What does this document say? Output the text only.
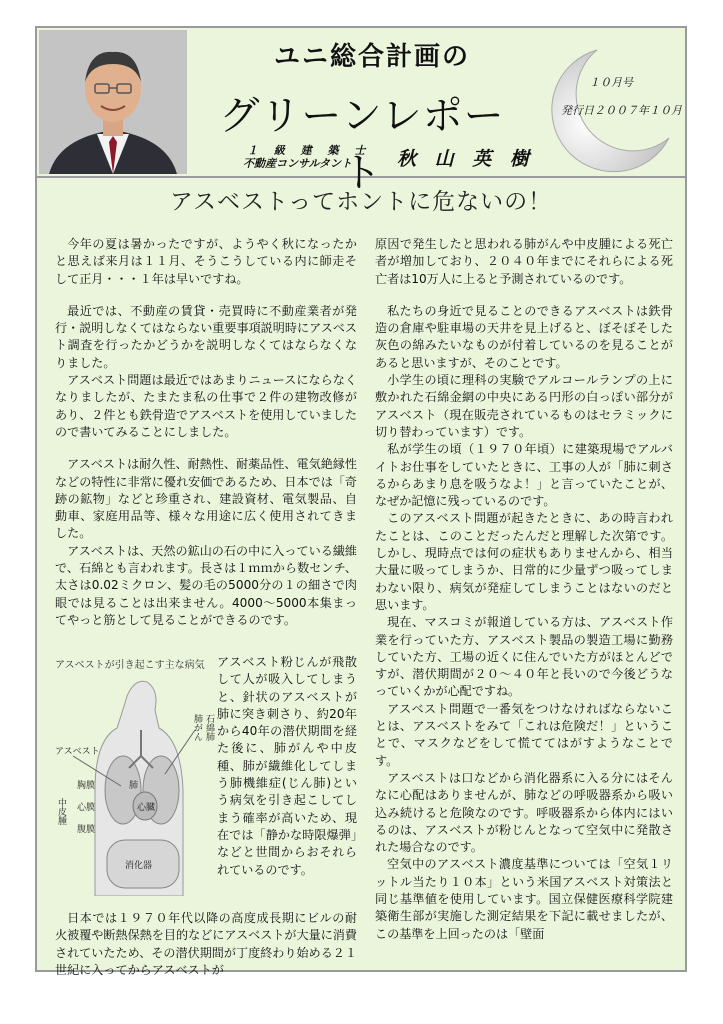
ユニ総合計画の
グリーンレポート
１ 級 建 築 士
不動産コンサルタント 秋 山 英 樹
１０月号
発行日２００７年１０月
アスベストってホントに危ないの！

今年の夏は暑かったですが、ようやく秋になったかと思えば来月は１１月、そうこうしている内に師走そして正月・・・１年は早いですね。

最近では、不動産の賃貸・売買時に不動産業者が発行・説明しなくてはならない重要事項説明時にアスベスト調査を行ったかどうかを説明しなくてはならなくなりました。

アスベスト問題は最近ではあまりニュースにならなくなりましたが、たまたま私の仕事で２件の建物改修があり、２件とも鉄骨造でアスベストを使用していましたので書いてみることにしました。

アスベストは耐久性、耐熱性、耐薬品性、電気絶縁性などの特性に非常に優れ安価であるため、日本では「奇跡の鉱物」などと珍重され、建設資材、電気製品、自動車、家庭用品等、様々な用途に広く使用されてきました。

アスベストは、天然の鉱山の石の中に入っている繊維で、石綿とも言われます。長さは１ｍｍから数センチ、太さは0.02ミクロン、髪の毛の5000分の１の細さで肉眼では見ることは出来ません。4000～5000本集まってやっと筋として見ることができるのです。

アスベストが引き起こす主な病気
アスベスト
胸膜	肺
心臓
心膜
腹膜
消化器
肺がん 石綿肺
中皮腫
アスベスト粉じんが飛散して人が吸入してしまうと、針状のアスベストが肺に突き刺さり、約20年から40年の潜伏期間を経た後に、肺がんや中皮種、肺が繊維化してしまう肺機維症(じん肺)という病気を引き起こしてしまう確率が高いため、現在では「静かな時限爆弾」などと世間からおそれられているのです。

日本では１９７０年代以降の高度成長期にビルの耐火被覆や断熱保熱を目的などにアスベストが大量に消費されていたため、その潜伏期間が丁度終わり始める２１世紀に入ってからアスベストが

原因で発生したと思われる肺がんや中皮腫による死亡者が増加しており、２０４０年までにそれらによる死亡者は10万人に上ると予測されているのです。

私たちの身近で見ることのできるアスベストは鉄骨造の倉庫や駐車場の天井を見上げると、ぼそぼそした灰色の綿みたいなものが付着しているのを見ることがあると思いますが、そのことです。

小学生の頃に理科の実験でアルコールランプの上に敷かれた石綿金網の中央にある円形の白っぽい部分がアスベスト（現在販売されているものはセラミックに切り替わっています）です。

私が学生の頃（１９７０年頃）に建築現場でアルバイトお仕事をしていたときに、工事の人が「肺に刺さるからあまり息を吸うなよ！」と言っていたことが、なぜか記憶に残っているのです。

このアスベスト問題が起きたときに、あの時言われたことは、このことだったんだと理解した次第です。しかし、現時点では何の症状もありませんから、相当大量に吸ってしまうか、日常的に少量ずつ吸ってしまわない限り、病気が発症してしまうことはないのだと思います。

現在、マスコミが報道している方は、アスベスト作業を行っていた方、アスベスト製品の製造工場に勤務していた方、工場の近くに住んでいた方がほとんどですが、潜伏期間が２０～４０年と長いので今後どうなっていくかが心配ですね。

アスベスト問題で一番気をつけなければならないことは、アスベストをみて「これは危険だ！」ということで、マスクなどをして慌ててはがすようなことです。

アスベストは口などから消化器系に入る分にはそんなに心配はありませんが、肺などの呼吸器系から吸い込み続けると危険なのです。呼吸器系から体内にはいるのは、アスベストが粉じんとなって空気中に発散された場合なのです。

空気中のアスベスト濃度基準については「空気１リットル当たり１０本」という米国アスベスト対策法と同じ基準値を使用しています。国立保健医療科学院建築衛生部が実施した測定結果を下記に載せましたが、この基準を上回ったのは「壁面
